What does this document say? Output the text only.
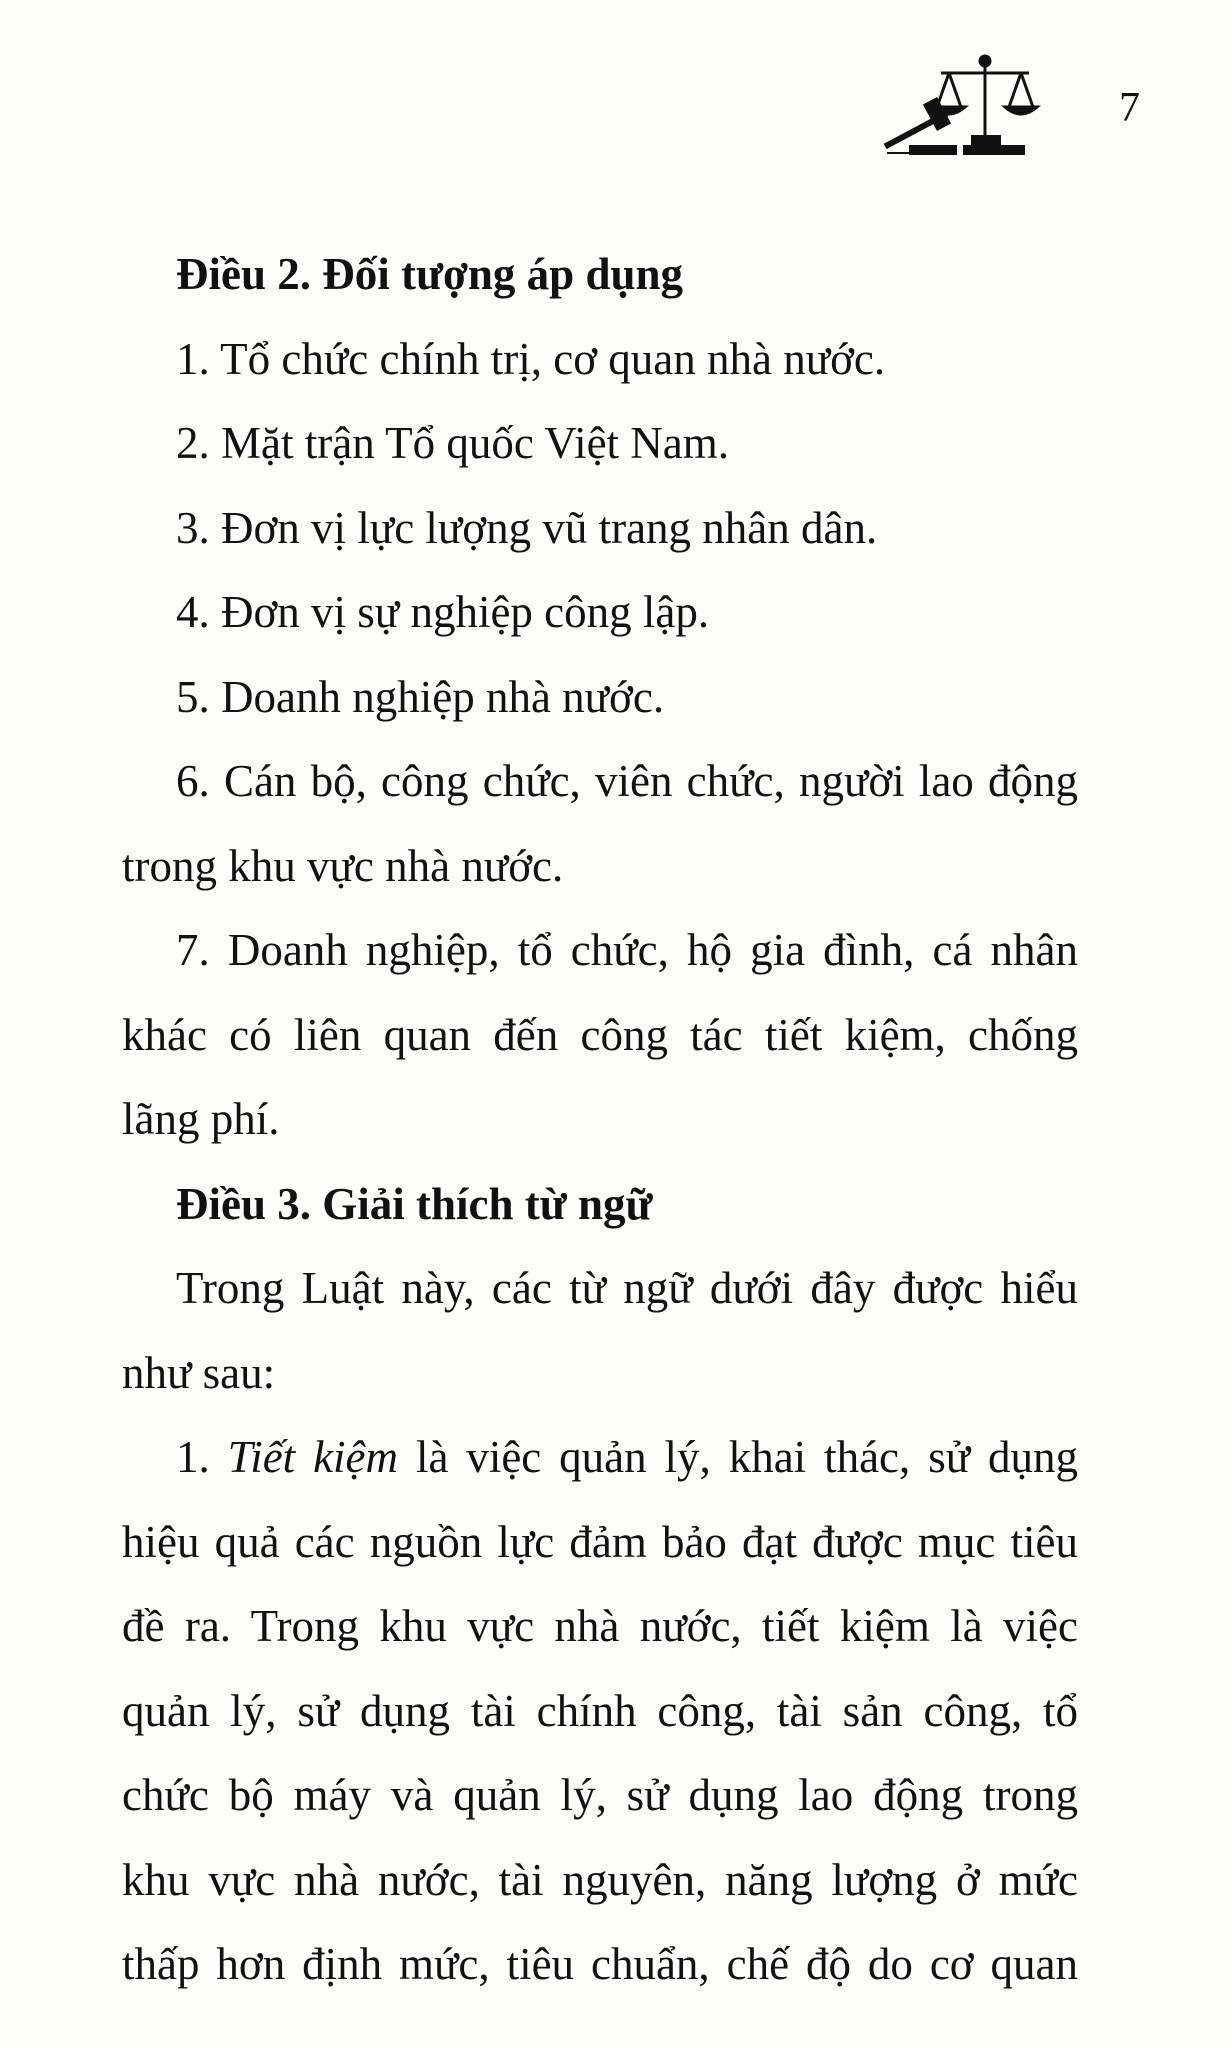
7

Điều 2. Đối tượng áp dụng

1. Tổ chức chính trị, cơ quan nhà nước.

2. Mặt trận Tổ quốc Việt Nam.

3. Đơn vị lực lượng vũ trang nhân dân.

4. Đơn vị sự nghiệp công lập.

5. Doanh nghiệp nhà nước.

6. Cán bộ, công chức, viên chức, người lao động

trong khu vực nhà nước.

7. Doanh nghiệp, tổ chức, hộ gia đình, cá nhân

khác có liên quan đến công tác tiết kiệm, chống

lãng phí.

Điều 3. Giải thích từ ngữ

Trong Luật này, các từ ngữ dưới đây được hiểu

như sau:

1. Tiết kiệm là việc quản lý, khai thác, sử dụng

hiệu quả các nguồn lực đảm bảo đạt được mục tiêu

đề ra. Trong khu vực nhà nước, tiết kiệm là việc

quản lý, sử dụng tài chính công, tài sản công, tổ

chức bộ máy và quản lý, sử dụng lao động trong

khu vực nhà nước, tài nguyên, năng lượng ở mức

thấp hơn định mức, tiêu chuẩn, chế độ do cơ quan
